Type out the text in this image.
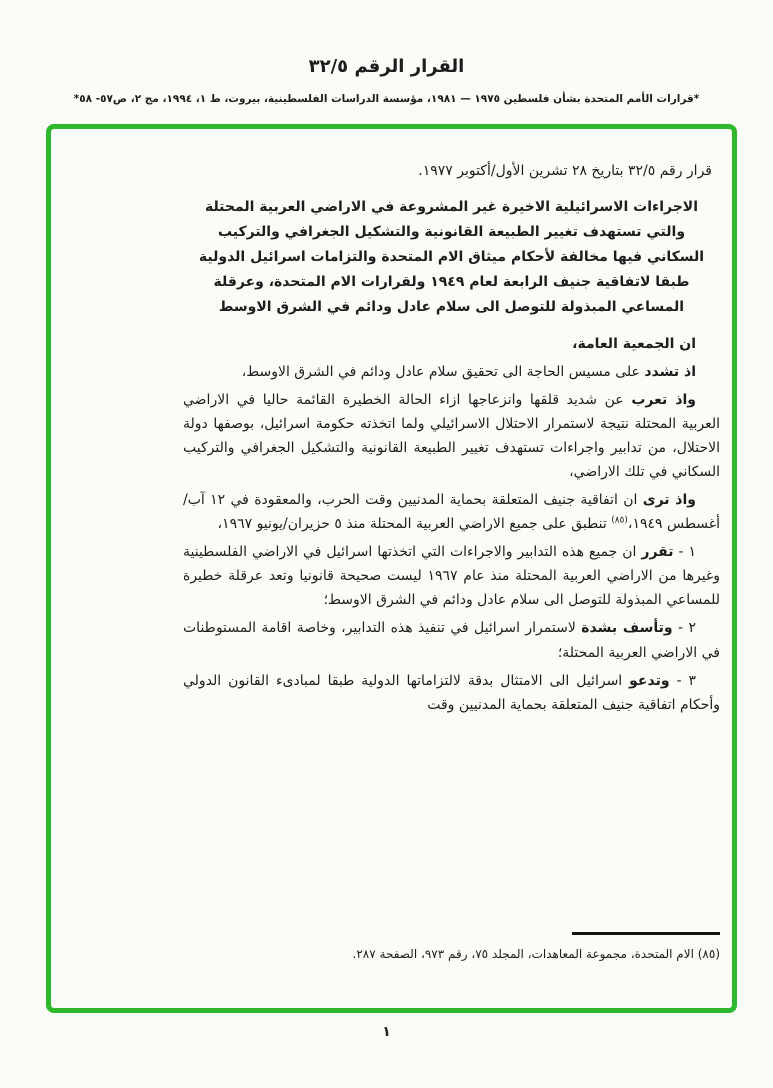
القرار الرقم ٣٢/٥
*قرارات الأمم المتحدة بشأن فلسطين ١٩٧٥ — ١٩٨١، مؤسسة الدراسات الفلسطينية، بيروت، ط ١، ١٩٩٤، مج ٢، ص٥٧- ٥٨*

قرار رقم ٣٢/٥ بتاريخ ٢٨ تشرين الأول/أكتوبر ١٩٧٧.

الاجراءات الاسرائيلية الاخيرة غير المشروعة في الاراضي العربية المحتلة والتي تستهدف تغيير الطبيعة القانونية والتشكيل الجغرافي والتركيب السكاني فيها مخالفة لأحكام ميثاق الام المتحدة والتزامات اسرائيل الدولية طبقا لاتفاقية جنيف الرابعة لعام ١٩٤٩ ولقرارات الام المتحدة، وعرقلة المساعي المبذولة للتوصل الى سلام عادل ودائم في الشرق الاوسط

ان الجمعية العامة،

اذ تشدد على مسيس الحاجة الى تحقيق سلام عادل ودائم في الشرق الاوسط،

واذ تعرب عن شديد قلقها وانزعاجها ازاء الحالة الخطيرة القائمة حاليا في الاراضي العربية المحتلة نتيجة لاستمرار الاحتلال الاسرائيلي ولما اتخذته حكومة اسرائيل، بوصفها دولة الاحتلال، من تدابير واجراءات تستهدف تغيير الطبيعة القانونية والتشكيل الجغرافي والتركيب السكاني في تلك الاراضي،

واذ ترى ان اتفاقية جنيف المتعلقة بحماية المدنيين وقت الحرب، والمعقودة في ١٢ آب/أغسطس ١٩٤٩،$^{(٨٥)}$ تنطبق على جميع الاراضي العربية المحتلة منذ ٥ حزيران/يونيو ١٩٦٧،

١ - تقرر ان جميع هذه التدابير والاجراءات التي اتخذتها اسرائيل في الاراضي الفلسطينية وغيرها من الاراضي العربية المحتلة منذ عام ١٩٦٧ ليست صحيحة قانونيا وتعد عرقلة خطيرة للمساعي المبذولة للتوصل الى سلام عادل ودائم في الشرق الاوسط؛

٢ - وتأسف بشدة لاستمرار اسرائيل في تنفيذ هذه التدابير، وخاصة اقامة المستوطنات في الاراضي العربية المحتلة؛

٣ - وتدعو اسرائيل الى الامتثال بدقة لالتزاماتها الدولية طبقا لمبادىء القانون الدولي وأحكام اتفاقية جنيف المتعلقة بحماية المدنيين وقت

(٨٥) الام المتحدة، مجموعة المعاهدات، المجلد ٧٥، رقم ٩٧٣، الصفحة ٢٨٧.

١
